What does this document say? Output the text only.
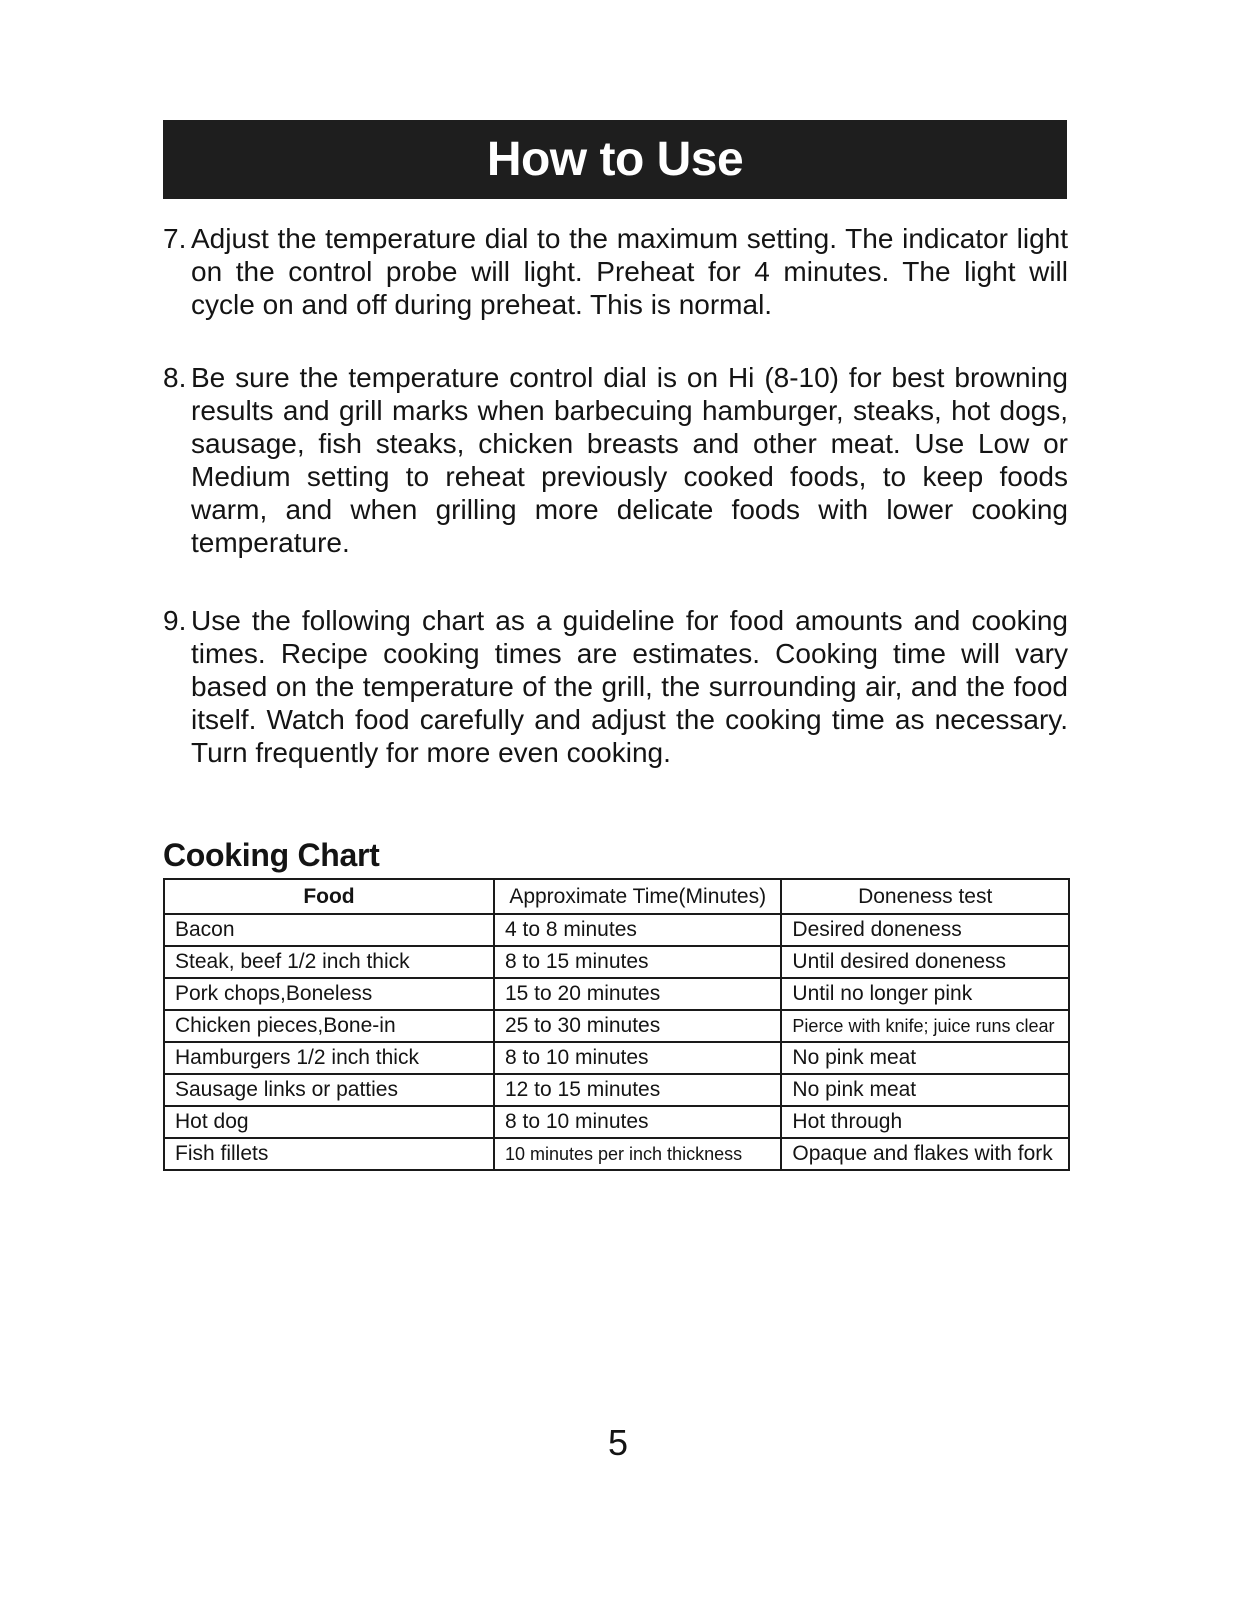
How to Use

7. Adjust the temperature dial to the maximum setting. The indicator light on the control probe will light. Preheat for 4 minutes. The light will cycle on and off during preheat. This is normal.

8. Be sure the temperature control dial is on Hi (8-10) for best browning results and grill marks when barbecuing hamburger, steaks, hot dogs, sausage, fish steaks, chicken breasts and other meat. Use Low or Medium setting to reheat previously cooked foods, to keep foods warm, and when grilling more delicate foods with lower cooking temperature.

9. Use the following chart as a guideline for food amounts and cooking times. Recipe cooking times are estimates. Cooking time will vary based on the temperature of the grill, the surrounding air, and the food itself. Watch food carefully and adjust the cooking time as necessary. Turn frequently for more even cooking.

Cooking Chart
Food	Approximate Time(Minutes)	Doneness test
Bacon	4 to 8 minutes	Desired doneness
Steak, beef 1/2 inch thick	8 to 15 minutes	Until desired doneness
Pork chops,Boneless	15 to 20 minutes	Until no longer pink
Chicken pieces,Bone-in	25 to 30 minutes	Pierce with knife; juice runs clear
Hamburgers 1/2 inch thick	8 to 10 minutes	No pink meat
Sausage links or patties	12 to 15 minutes	No pink meat
Hot dog	8 to 10 minutes	Hot through
Fish fillets	10 minutes per inch thickness	Opaque and flakes with fork
5
